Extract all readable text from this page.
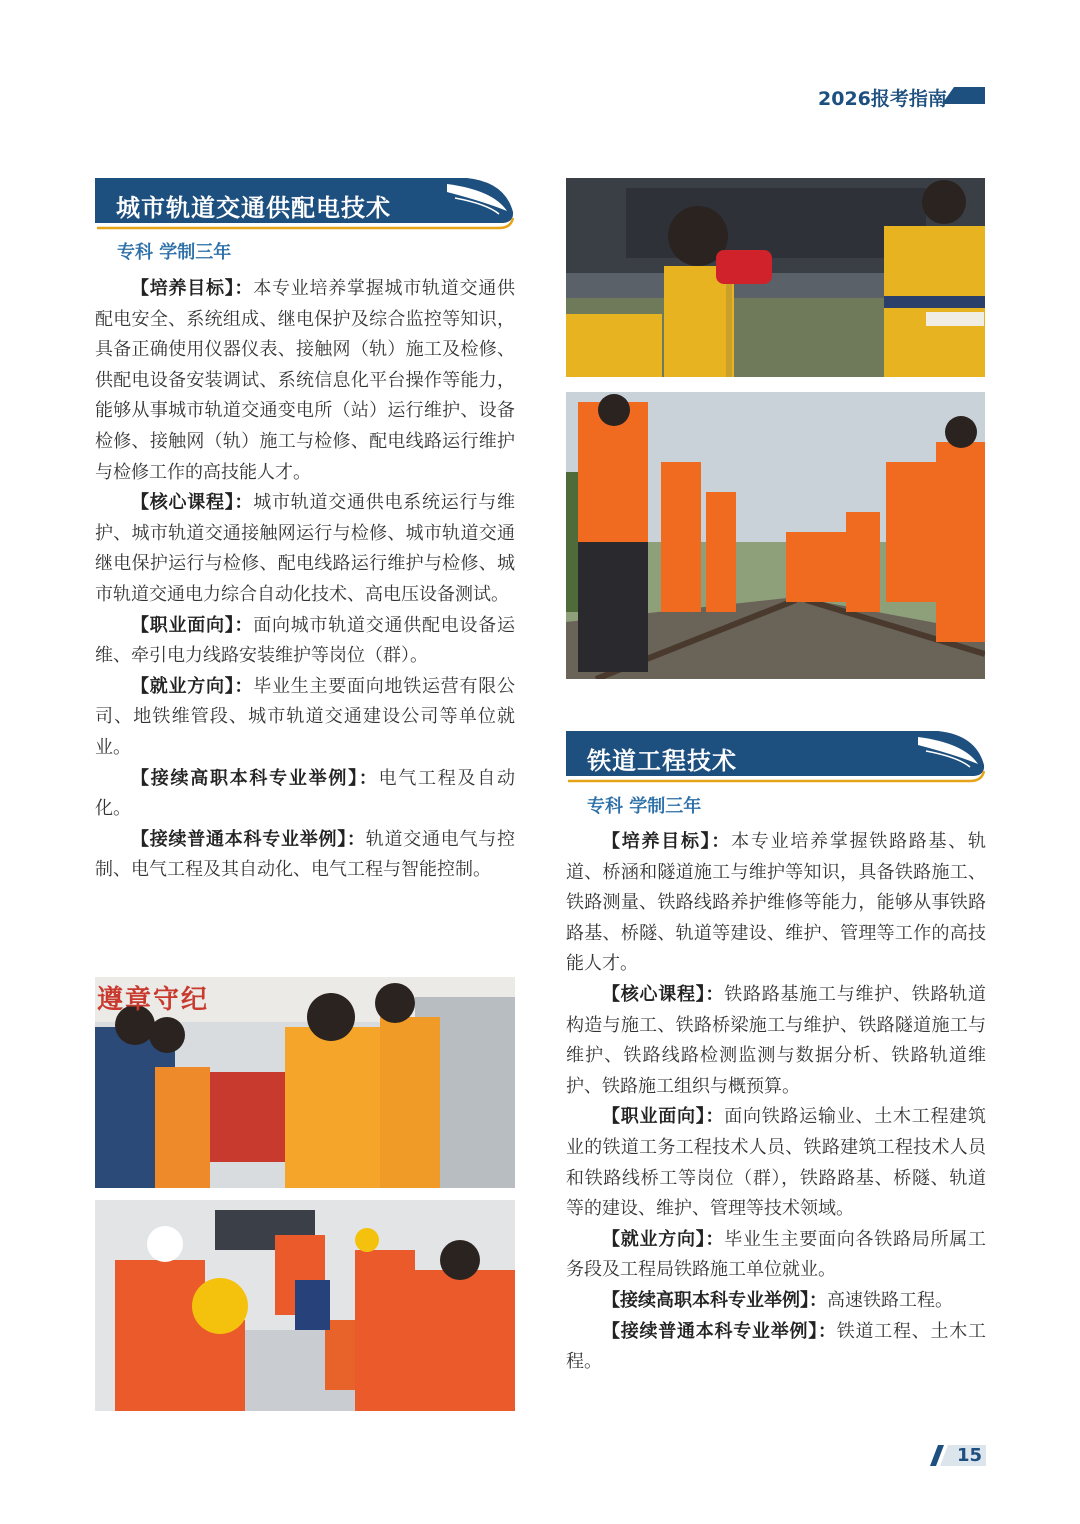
2026报考指南
城市轨道交通供配电技术
专科 学制三年

【培养目标】：本专业培养掌握城市轨道交通供配电安全、系统组成、继电保护及综合监控等知识，具备正确使用仪器仪表、接触网（轨）施工及检修、供配电设备安装调试、系统信息化平台操作等能力，能够从事城市轨道交通变电所（站）运行维护、设备检修、接触网（轨）施工与检修、配电线路运行维护与检修工作的高技能人才。

【核心课程】：城市轨道交通供电系统运行与维护、城市轨道交通接触网运行与检修、城市轨道交通继电保护运行与检修、配电线路运行维护与检修、城市轨道交通电力综合自动化技术、高电压设备测试。

【职业面向】：面向城市轨道交通供配电设备运维、牵引电力线路安装维护等岗位（群）。

【就业方向】：毕业生主要面向地铁运营有限公司、地铁维管段、城市轨道交通建设公司等单位就业。

【接续高职本科专业举例】：电气工程及自动化。

【接续普通本科专业举例】：轨道交通电气与控制、电气工程及其自动化、电气工程与智能控制。

铁道工程技术
专科 学制三年

【培养目标】：本专业培养掌握铁路路基、轨道、桥涵和隧道施工与维护等知识，具备铁路施工、铁路测量、铁路线路养护维修等能力，能够从事铁路路基、桥隧、轨道等建设、维护、管理等工作的高技能人才。

【核心课程】：铁路路基施工与维护、铁路轨道构造与施工、铁路桥梁施工与维护、铁路隧道施工与维护、铁路线路检测监测与数据分析、铁路轨道维护、铁路施工组织与概预算。

【职业面向】：面向铁路运输业、土木工程建筑业的铁道工务工程技术人员、铁路建筑工程技术人员和铁路线桥工等岗位（群），铁路路基、桥隧、轨道等的建设、维护、管理等技术领域。

【就业方向】：毕业生主要面向各铁路局所属工务段及工程局铁路施工单位就业。

【接续高职本科专业举例】：高速铁路工程。

【接续普通本科专业举例】：铁道工程、土木工程。

遵章守纪
15
